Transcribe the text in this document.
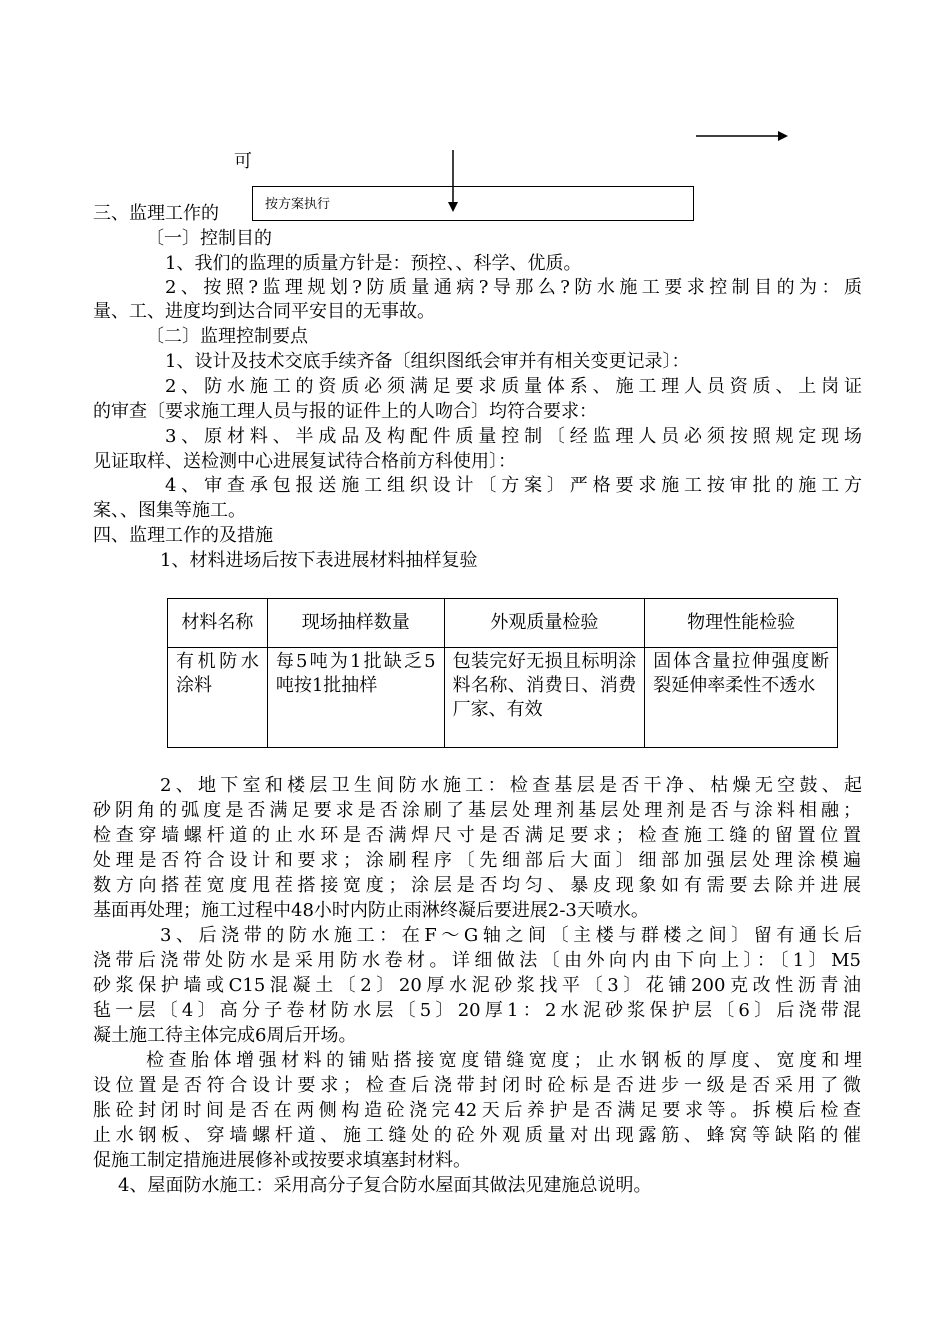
可
按方案执行
三、监理工作的
〔一〕控制目的
1、我们的监理的质量方针是：预控、、科学、优质。
2、按照?监理规划?防质量通病?导那么?防水施工要求控制目的为：质
量、工、进度均到达合同平安目的无事故。
〔二〕监理控制要点
1、设计及技术交底手续齐备〔组织图纸会审并有相关变更记录〕：
2、防水施工的资质必须满足要求质量体系、施工理人员资质、上岗证
的审查〔要求施工理人员与报的证件上的人吻合〕均符合要求：
3、原材料、半成品及构配件质量控制〔经监理人员必须按照规定现场
见证取样、送检测中心进展复试待合格前方科使用〕：
4、审查承包报送施工组织设计〔方案〕严格要求施工按审批的施工方
案、、图集等施工。
四、监理工作的及措施
1、材料进场后按下表进展材料抽样复验
材料名称	现场抽样数量	外观质量检验	物理性能检验
有机防水涂料	每5吨为1批缺乏5吨按1批抽样	包装完好无损且标明涂料名称、消费日、消费厂家、有效	固体含量拉伸强度断裂延伸率柔性不透水
2、地下室和楼层卫生间防水施工：检查基层是否干净、枯燥无空鼓、起
砂阴角的弧度是否满足要求是否涂刷了基层处理剂基层处理剂是否与涂料相融；
检查穿墙螺杆道的止水环是否满焊尺寸是否满足要求；检查施工缝的留置位置
处理是否符合设计和要求；涂刷程序〔先细部后大面〕细部加强层处理涂模遍
数方向搭茬宽度甩茬搭接宽度；涂层是否均匀、暴皮现象如有需要去除并进展
基面再处理；施工过程中48小时内防止雨淋终凝后要进展2-3天喷水。
3、后浇带的防水施工：在F～G轴之间〔主楼与群楼之间〕留有通长后
浇带后浇带处防水是采用防水卷材。详细做法〔由外向内由下向上〕：〔1〕M5
砂浆保护墙或C15混凝土〔2〕20厚水泥砂浆找平〔3〕花铺200克改性沥青油
毡一层〔4〕高分子卷材防水层〔5〕20厚1：2水泥砂浆保护层〔6〕后浇带混
凝土施工待主体完成6周后开场。
检查胎体增强材料的铺贴搭接宽度错缝宽度；止水钢板的厚度、宽度和埋
设位置是否符合设计要求；检查后浇带封闭时砼标是否进步一级是否采用了微
胀砼封闭时间是否在两侧构造砼浇完42天后养护是否满足要求等。拆模后检查
止水钢板、穿墙螺杆道、施工缝处的砼外观质量对出现露筋、蜂窝等缺陷的催
促施工制定措施进展修补或按要求填塞封材料。
4、屋面防水施工：采用高分子复合防水屋面其做法见建施总说明。
